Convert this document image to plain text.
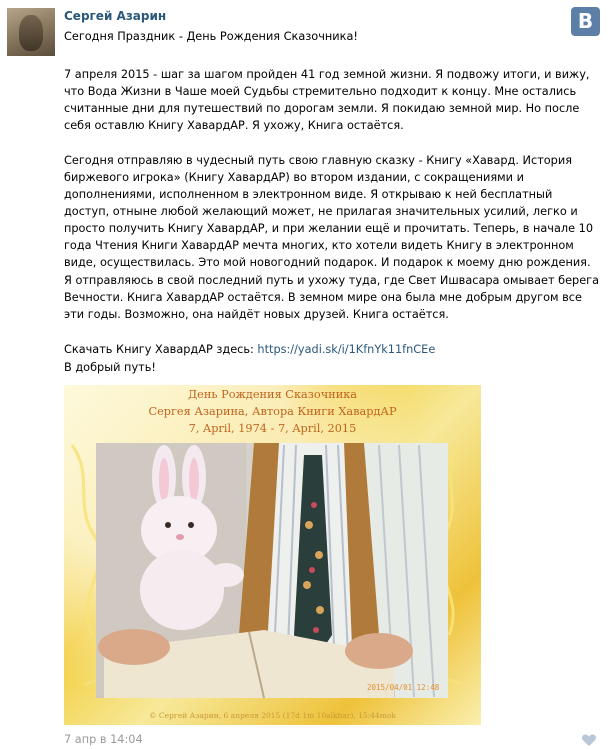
Сергей Азарин	В
Сегодня Праздник - День Рождения Сказочника!
7 апреля 2015 - шаг за шагом пройден 41 год земной жизни. Я подвожу итоги, и вижу, что Вода Жизни в Чаше моей Судьбы стремительно подходит к концу. Мне остались считанные дни для путешествий по дорогам земли. Я покидаю земной мир. Но после себя оставлю Книгу ХавардАР. Я ухожу, Книга остаётся.
Сегодня отправляю в чудесный путь свою главную сказку - Книгу «Хавард. История биржевого игрока» (Книгу ХавардАР) во втором издании, с сокращениями и дополнениями, исполненном в электронном виде. Я открываю к ней бесплатный доступ, отныне любой желающий может, не прилагая значительных усилий, легко и просто получить Книгу ХавардАР, и при желании ещё и прочитать. Теперь, в начале 10 года Чтения Книги ХавардАР мечта многих, кто хотели видеть Книгу в электронном виде, осуществилась. Это мой новогодний подарок. И подарок к моему дню рождения.
Я отправляюсь в свой последний путь и ухожу туда, где Свет Ишвасара омывает берега Вечности. Книга ХавардАР остаётся. В земном мире она была мне добрым другом все эти годы. Возможно, она найдёт новых друзей. Книга остаётся.
Скачать Книгу ХавардАР здесь: https://yadi.sk/i/1KfnYk11fnCEe
В добрый путь!
День Рождения Сказочника
Сергея Азарина, Автора Книги ХавардАР
7, April, 1974 - 7, April, 2015
2015/04/01 12:48
© Сергей Азарин, 6 апреля 2015 (17d 1m 10alkhar), 15:44mok
7 апр в 14:04
